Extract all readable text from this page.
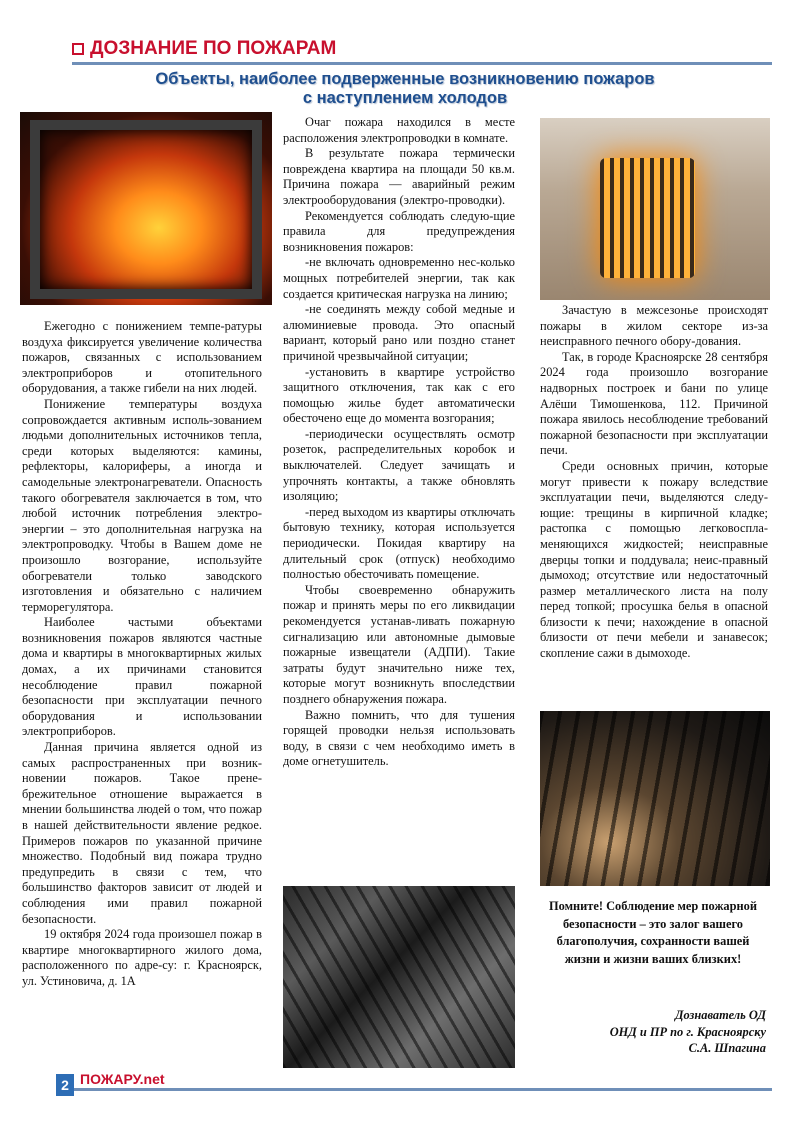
ДОЗНАНИЕ ПО ПОЖАРАМ
Объекты, наиболее подверженные возникновению пожаров
с наступлением холодов

Ежегодно с понижением темпе-ратуры воздуха фиксируется увеличение количества пожаров, связанных с использованием электроприборов и отопительного оборудования, а также гибели на них людей.

Понижение температуры воздуха сопровождается активным исполь-зованием людьми дополнительных источников тепла, среди которых выделяются: камины, рефлекторы, калориферы, а иногда и самодельные электронагреватели. Опасность такого обогревателя заключается в том, что любой источник потребления электро-энергии – это дополнительная нагрузка на электропроводку. Чтобы в Вашем доме не произошло возгорание, используйте обогреватели только заводского изготовления и обязательно с наличием терморегулятора.

Наиболее частыми объектами возникновения пожаров являются частные дома и квартиры в многоквартирных жилых домах, а их причинами становится несоблюдение правил пожарной безопасности при эксплуатации печного оборудования и использовании электроприборов.

Данная причина является одной из самых распространенных при возник-новении пожаров. Такое пренe-брежительное отношение выражается в мнении большинства людей о том, что пожар в нашей действительности явление редкое. Примеров пожаров по указанной причине множество. Подобный вид пожара трудно предупредить в связи с тем, что большинство факторов зависит от людей и соблюдения ими правил пожарной безопасности.

19 октября 2024 года произошел пожар в квартире многоквартирного жилого дома, расположенного по адре-су: г. Красноярск, ул. Устиновича, д. 1А

Очаг пожара находился в месте расположения электропроводки в комнате.

В результате пожара термически повреждена квартира на площади 50 кв.м. Причина пожара — аварийный режим электрооборудования (электро-проводки).

Рекомендуется соблюдать следую-щие правила для предупреждения возникновения пожаров:

-не включать одновременно нес-колько мощных потребителей энергии, так как создается критическая нагрузка на линию;

-не соединять между собой медные и алюминиевые провода. Это опасный вариант, который рано или поздно станет причиной чрезвычайной ситуации;

-установить в квартире устройство защитного отключения, так как с его помощью жилье будет автоматически обесточено еще до момента возгорания;

-периодически осуществлять осмотр розеток, распределительных коробок и выключателей. Следует зачищать и упрочнять контакты, а также обновлять изоляцию;

-перед выходом из квартиры отключать бытовую технику, которая используется периодически. Покидая квартиру на длительный срок (отпуск) необходимо полностью обесточивать помещение.

Чтобы своевременно обнаружить пожар и принять меры по его ликвидации рекомендуется устанав-ливать пожарную сигнализацию или автономные дымовые пожарные извещатели (АДПИ). Такие затраты будут значительно ниже тех, которые могут возникнуть впоследствии позднего обнаружения пожара.

Важно помнить, что для тушения горящей проводки нельзя использовать воду, в связи с чем необходимо иметь в доме огнетушитель.

Зачастую в межсезонье происходят пожары в жилом секторе из-за неисправного печного обору-дования.

Так, в городе Красноярске 28 сентября 2024 года произошло возгорание надворных построек и бани по улице Алёши Тимошенкова, 112. Причиной пожара явилось несоблюдение требований пожарной безопасности при эксплуатации печи.

Среди основных причин, которые могут привести к пожару вследствие эксплуатации печи, выделяются следу-ющие: трещины в кирпичной кладке; растопка с помощью легковоспла-меняющихся жидкостей; неисправные дверцы топки и поддувала; неис-правный дымоход; отсутствие или недостаточный размер металлического листа на полу перед топкой; просушка белья в опасной близости к печи; нахождение в опасной близости от печи мебели и занавесок; скопление сажи в дымоходе.

Помните! Соблюдение мер пожарной безопасности – это залог вашего благополучия, сохранности вашей жизни и жизни ваших близких!
Дознаватель ОД
ОНД и ПР по г. Красноярску
С.А. Шпагина
2 ПОЖАРУ.net
